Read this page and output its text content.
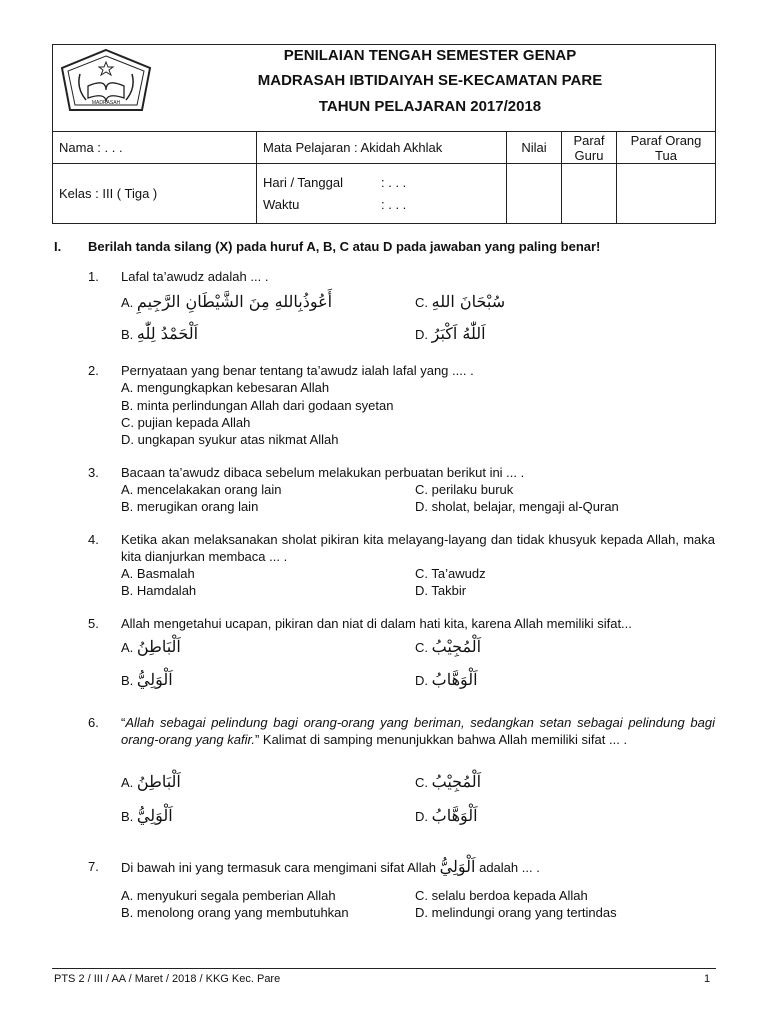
MADRASAH
PENILAIAN TENGAH SEMESTER GENAP
MADRASAH IBTIDAIYAH SE-KECAMATAN PARE
TAHUN PELAJARAN 2017/2018
Nama : . . .	Mata Pelajaran : Akidah Akhlak	Nilai	Paraf Guru	Paraf Orang Tua
Kelas : III ( Tiga )	Hari / Tanggal : . . .
Waktu : . . .			

I. Berilah tanda silang (X) pada huruf A, B, C atau D pada jawaban yang paling benar!
1. Lafal ta’awudz adalah ... .
A. أَعُوذُبِاللهِ مِنَ الشَّيْطَانِ الرَّجِيمِ	C. سُبْحَانَ اللهِ
B. اَلْحَمْدُ لِلّٰهِ	D. اَللّٰهُ اَكْبَرُ
2. Pernyataan yang benar tentang ta’awudz ialah lafal yang .... .
A. mengungkapkan kebesaran Allah
B. minta perlindungan Allah dari godaan syetan
C. pujian kepada Allah
D. ungkapan syukur atas nikmat Allah
3. Bacaan ta’awudz dibaca sebelum melakukan perbuatan berikut ini ... .
A. mencelakakan orang lain	C. perilaku buruk
B. merugikan orang lain	D. sholat, belajar, mengaji al-Quran
4. Ketika akan melaksanakan sholat pikiran kita melayang-layang dan tidak khusyuk kepada Allah, maka kita dianjurkan membaca ... .
A. Basmalah	C. Ta’awudz
B. Hamdalah	D. Takbir
5. Allah mengetahui ucapan, pikiran dan niat di dalam hati kita, karena Allah memiliki sifat...
A. اَلْبَاطِنُ	C. اَلْمُجِيْبُ
B. اَلْوَلِيُّ	D. اَلْوَهَّابُ
6. “Allah sebagai pelindung bagi orang-orang yang beriman, sedangkan setan sebagai pelindung bagi orang-orang yang kafir.” Kalimat di samping menunjukkan bahwa Allah memiliki sifat ... .
A. اَلْبَاطِنُ	C. اَلْمُجِيْبُ
B. اَلْوَلِيُّ	D. اَلْوَهَّابُ
7. Di bawah ini yang termasuk cara mengimani sifat Allah اَلْوَلِيُّ adalah ... .
A. menyukuri segala pemberian Allah	C. selalu berdoa kepada Allah
B. menolong orang yang membutuhkan	D. melindungi orang yang tertindas
PTS 2 / III / AA / Maret / 2018 / KKG Kec. Pare	1
